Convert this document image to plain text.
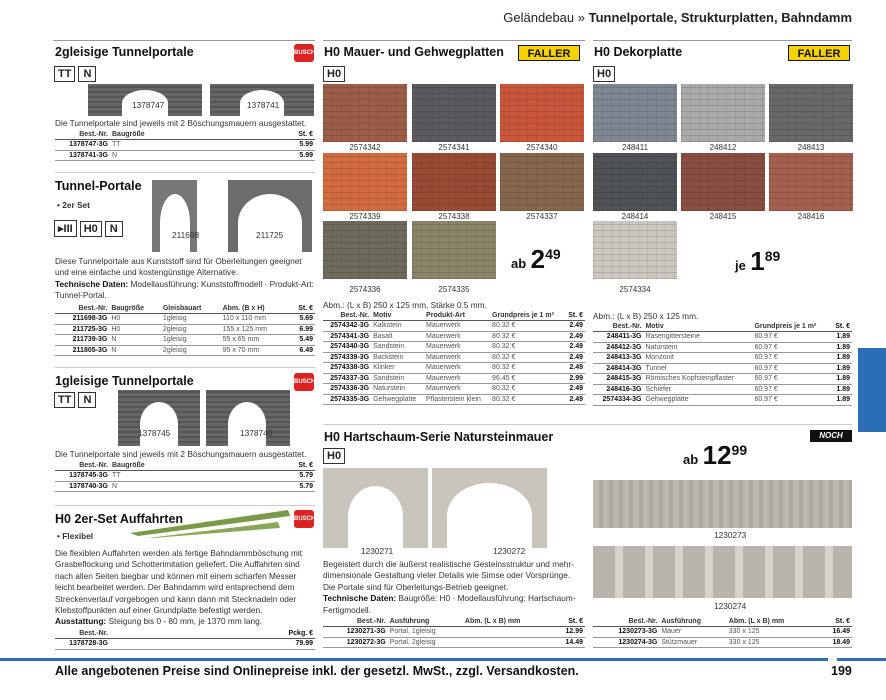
Geländebau » Tunnelportale, Strukturplatten, Bahndamm
2gleisige Tunnelportale	BUSCH
TT N
1378747	1378741
Die Tunnelportale sind jeweils mit 2 Böschungsmauern ausgestattet.
Best.-Nr.	Baugröße	St. €
1378747-3G	TT	5.99
1378741-3G	N	5.99
Tunnel-Portale
• 2er Set
▸III H0 N	211698	211725
Diese Tunnelportale aus Kunststoff sind für Oberleitungen geeignet und eine einfache und kostengünstige Alternative.
Technische Daten: Modellausführung: Kunststoffmodell · Produkt-Art: Tunnel-Portal.
Best.-Nr.	Baugröße	Gleisbauart	Abm. (B x H)	St. €
211698-3G	H0	1gleisig	110 x 110 mm	5.69
211725-3G	H0	2gleisig	155 x 125 mm	6.99
211739-3G	N	1gleisig	55 x 65 mm	5.49
211805-3G	N	2gleisig	95 x 70 mm	6.49
1gleisige Tunnelportale	BUSCH
TT N
1378745	1378740
Die Tunnelportale sind jeweils mit 2 Böschungsmauern ausgestattet.
Best.-Nr.	Baugröße	St. €
1378745-3G	TT	5.79
1378740-3G	N	5.79
H0 2er-Set Auffahrten	BUSCH
• Flexibel
Die flexiblen Auffahrten werden als fertige Bahndammböschung mit Grasbeflockung und Schotterimitation geliefert. Die Auffahrten sind nach allen Seiten biegbar und können mit einem scharfen Messer leicht bearbeitet werden. Der Bahndamm wird entsprechend dem Streckenverlauf vorgebogen und kann dann mit Stecknadeln oder Klebstoffpunkten auf einer Grundplatte befestigt werden.
Ausstattung: Steigung bis 0 - 80 mm, je 1370 mm lang.
Best.-Nr.	Pckg. €
1378728-3G	79.99
H0 Mauer- und Gehwegplatten	FALLER
H0
2574342	2574341	2574340
2574339	2574338	2574337
2574336	2574335
ab 249
Abm.: (L x B) 250 x 125 mm, Stärke 0.5 mm.
Best.-Nr.	Motiv	Produkt-Art	Grundpreis je 1 m²	St. €
2574342-3G	Kalkstein	Mauerwerk	80.32 €	2.49
2574341-3G	Basalt	Mauerwerk	80.32 €	2.49
2574340-3G	Sandstein	Mauerwerk	80.32 €	2.49
2574339-3G	Backstein	Mauerwerk	80.32 €	2.49
2574338-3G	Klinker	Mauerwerk	80.32 €	2.49
2574337-3G	Sandstein	Mauerwerk	96.45 €	2.99
2574336-3G	Naturstein	Mauerwerk	80.32 €	2.49
2574335-3G	Gehwegplatte	Pflasterstein klein	80.32 €	2.49
H0 Dekorplatte	FALLER
H0
248411	248412	248413
248414	248415	248416
2574334
je 189
Abm.: (L x B) 250 x 125 mm.
Best.-Nr.	Motiv	Grundpreis je 1 m²	St. €
248411-3G	Rasengittersteine	60.97 €	1.89
248412-3G	Naturstein	60.97 €	1.89
248413-3G	Monzonit	60.97 €	1.89
248414-3G	Tunnel	60.97 €	1.89
248415-3G	Römisches Kopfsteinpflaster	60.97 €	1.89
248416-3G	Schiefer	60.97 €	1.89
2574334-3G	Gehwegplatte	60.97 €	1.89
H0 Hartschaum-Serie Natursteinmauer	NOCH
H0	ab 1299
1230271	1230272
1230273
1230274
Begeistert durch die äußerst realistische Gesteinsstruktur und mehr-dimensionale Gestaltung vieler Details wie Simse oder Vorsprünge. Die Portale sind für Oberleitungs-Betrieb geeignet.
Technische Daten: Baugröße: H0 · Modellausführung: Hartschaum-Fertigmodell.
Best.-Nr.	Ausführung	Abm. (L x B) mm	St. €
1230271-3G	Portal, 1gleisig		12.99
1230272-3G	Portal, 2gleisig		14.49
Best.-Nr.	Ausführung	Abm. (L x B) mm	St. €
1230273-3G	Mauer	330 x 125	16.49
1230274-3G	Stützmauer	330 x 125	18.49
Alle angebotenen Preise sind Onlinepreise inkl. der gesetzl. MwSt., zzgl. Versandkosten.	199
